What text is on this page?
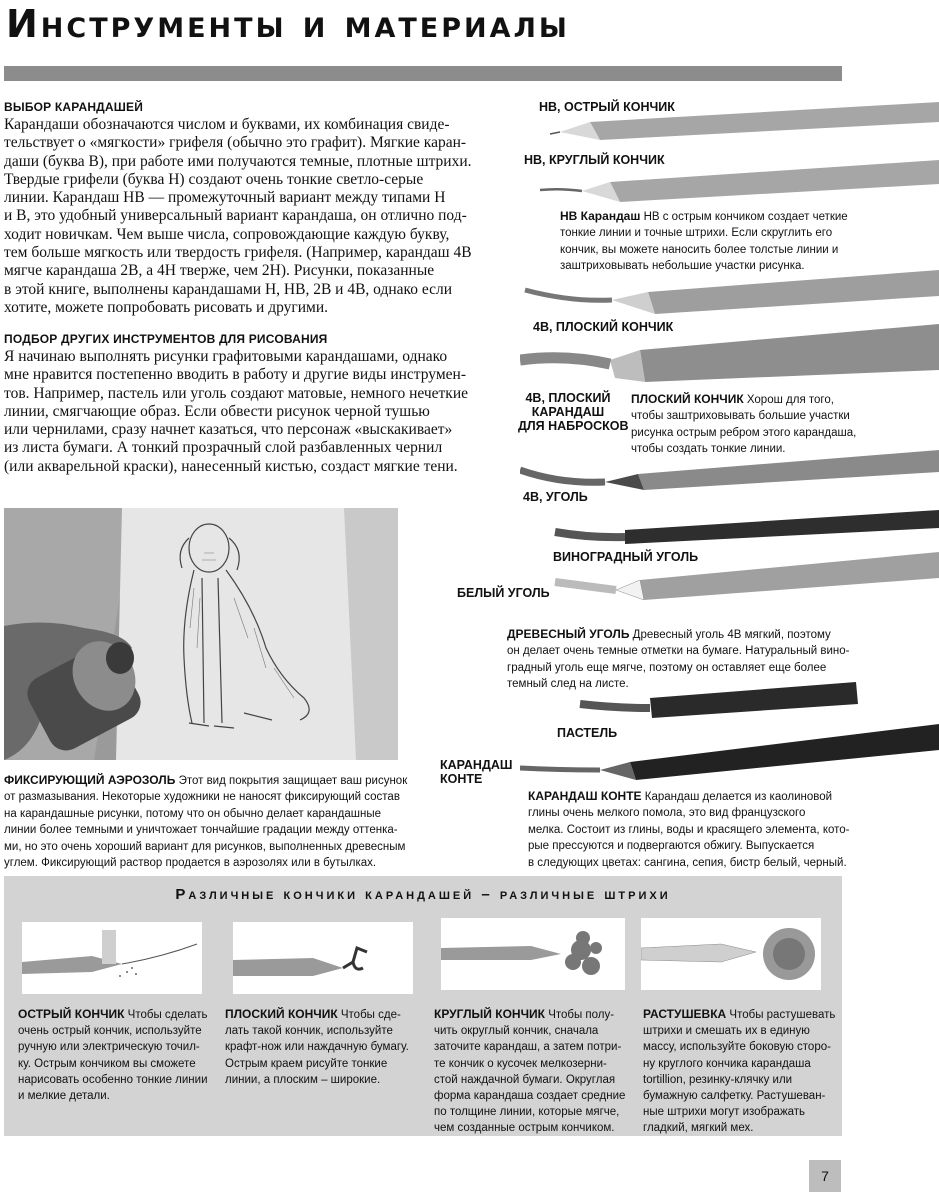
Инструменты и материалы
ВЫБОР КАРАНДАШЕЙ

Карандаши обозначаются числом и буквами, их комбинация свиде-

тельствует о «мягкости» грифеля (обычно это графит). Мягкие каран-

даши (буква B), при работе ими получаются темные, плотные штрихи.

Твердые грифели (буква H) создают очень тонкие светло-серые

линии. Карандаш HB — промежуточный вариант между типами H

и B, это удобный универсальный вариант карандаша, он отлично под-

ходит новичкам. Чем выше числа, сопровождающие каждую букву,

тем больше мягкость или твердость грифеля. (Например, карандаш 4B

мягче карандаша 2B, а 4H тверже, чем 2H). Рисунки, показанные

в этой книге, выполнены карандашами H, HB, 2B и 4B, однако если

хотите, можете попробовать рисовать и другими.

ПОДБОР ДРУГИХ ИНСТРУМЕНТОВ ДЛЯ РИСОВАНИЯ

Я начинаю выполнять рисунки графитовыми карандашами, однако

мне нравится постепенно вводить в работу и другие виды инструмен-

тов. Например, пастель или уголь создают матовые, немного нечеткие

линии, смягчающие образ. Если обвести рисунок черной тушью

или чернилами, сразу начнет казаться, что персонаж «выскакивает»

из листа бумаги. А тонкий прозрачный слой разбавленных чернил

(или акварельной краски), нанесенный кистью, создаст мягкие тени.

ФИКСИРУЮЩИЙ АЭРОЗОЛЬ Этот вид покрытия защищает ваш рисунок
от размазывания. Некоторые художники не наносят фиксирующий состав
на карандашные рисунки, потому что он обычно делает карандашные
линии более темными и уничтожает тончайшие градации между оттенка-
ми, но это очень хороший вариант для рисунков, выполненных древесным
углем. Фиксирующий раствор продается в аэрозолях или в бутылках.
HB, ОСТРЫЙ КОНЧИК
HB, КРУГЛЫЙ КОНЧИК
HB Карандаш HB с острым кончиком создает четкие
тонкие линии и точные штрихи. Если скруглить его
кончик, вы можете наносить более толстые линии и
заштриховывать небольшие участки рисунка.
4B, ПЛОСКИЙ КОНЧИК
4B, ПЛОСКИЙ
КАРАНДАШ
ДЛЯ НАБРОСКОВ
ПЛОСКИЙ КОНЧИК Хорош для того,
чтобы заштриховывать большие участки
рисунка острым ребром этого карандаша,
чтобы создать тонкие линии.
4B, УГОЛЬ
ВИНОГРАДНЫЙ УГОЛЬ
БЕЛЫЙ УГОЛЬ
ДРЕВЕСНЫЙ УГОЛЬ Древесный уголь 4B мягкий, поэтому
он делает очень темные отметки на бумаге. Натуральный вино-
градный уголь еще мягче, поэтому он оставляет еще более
темный след на листе.
ПАСТЕЛЬ
КАРАНДАШ
КОНТЕ
КАРАНДАШ КОНТЕ Карандаш делается из каолиновой
глины очень мелкого помола, это вид французского
мелка. Состоит из глины, воды и красящего элемента, кото-
рые прессуются и подвергаются обжигу. Выпускается
в следующих цветах: сангина, сепия, бистр белый, черный.
Различные кончики карандашей – различные штрихи
ОСТРЫЙ КОНЧИК Чтобы сделать
очень острый кончик, используйте
ручную или электрическую точил-
ку. Острым кончиком вы сможете
нарисовать особенно тонкие линии
и мелкие детали.
ПЛОСКИЙ КОНЧИК Чтобы сде-
лать такой кончик, используйте
крафт-нож или наждачную бумагу.
Острым краем рисуйте тонкие
линии, а плоским – широкие.
КРУГЛЫЙ КОНЧИК Чтобы полу-
чить округлый кончик, сначала
заточите карандаш, а затем потри-
те кончик о кусочек мелкозерни-
стой наждачной бумаги. Округлая
форма карандаша создает средние
по толщине линии, которые мягче,
чем созданные острым кончиком.
РАСТУШЕВКА Чтобы растушевать
штрихи и смешать их в единую
массу, используйте боковую сторо-
ну круглого кончика карандаша
tortillion, резинку-клячку или
бумажную салфетку. Растушеван-
ные штрихи могут изображать
гладкий, мягкий мех.
7
